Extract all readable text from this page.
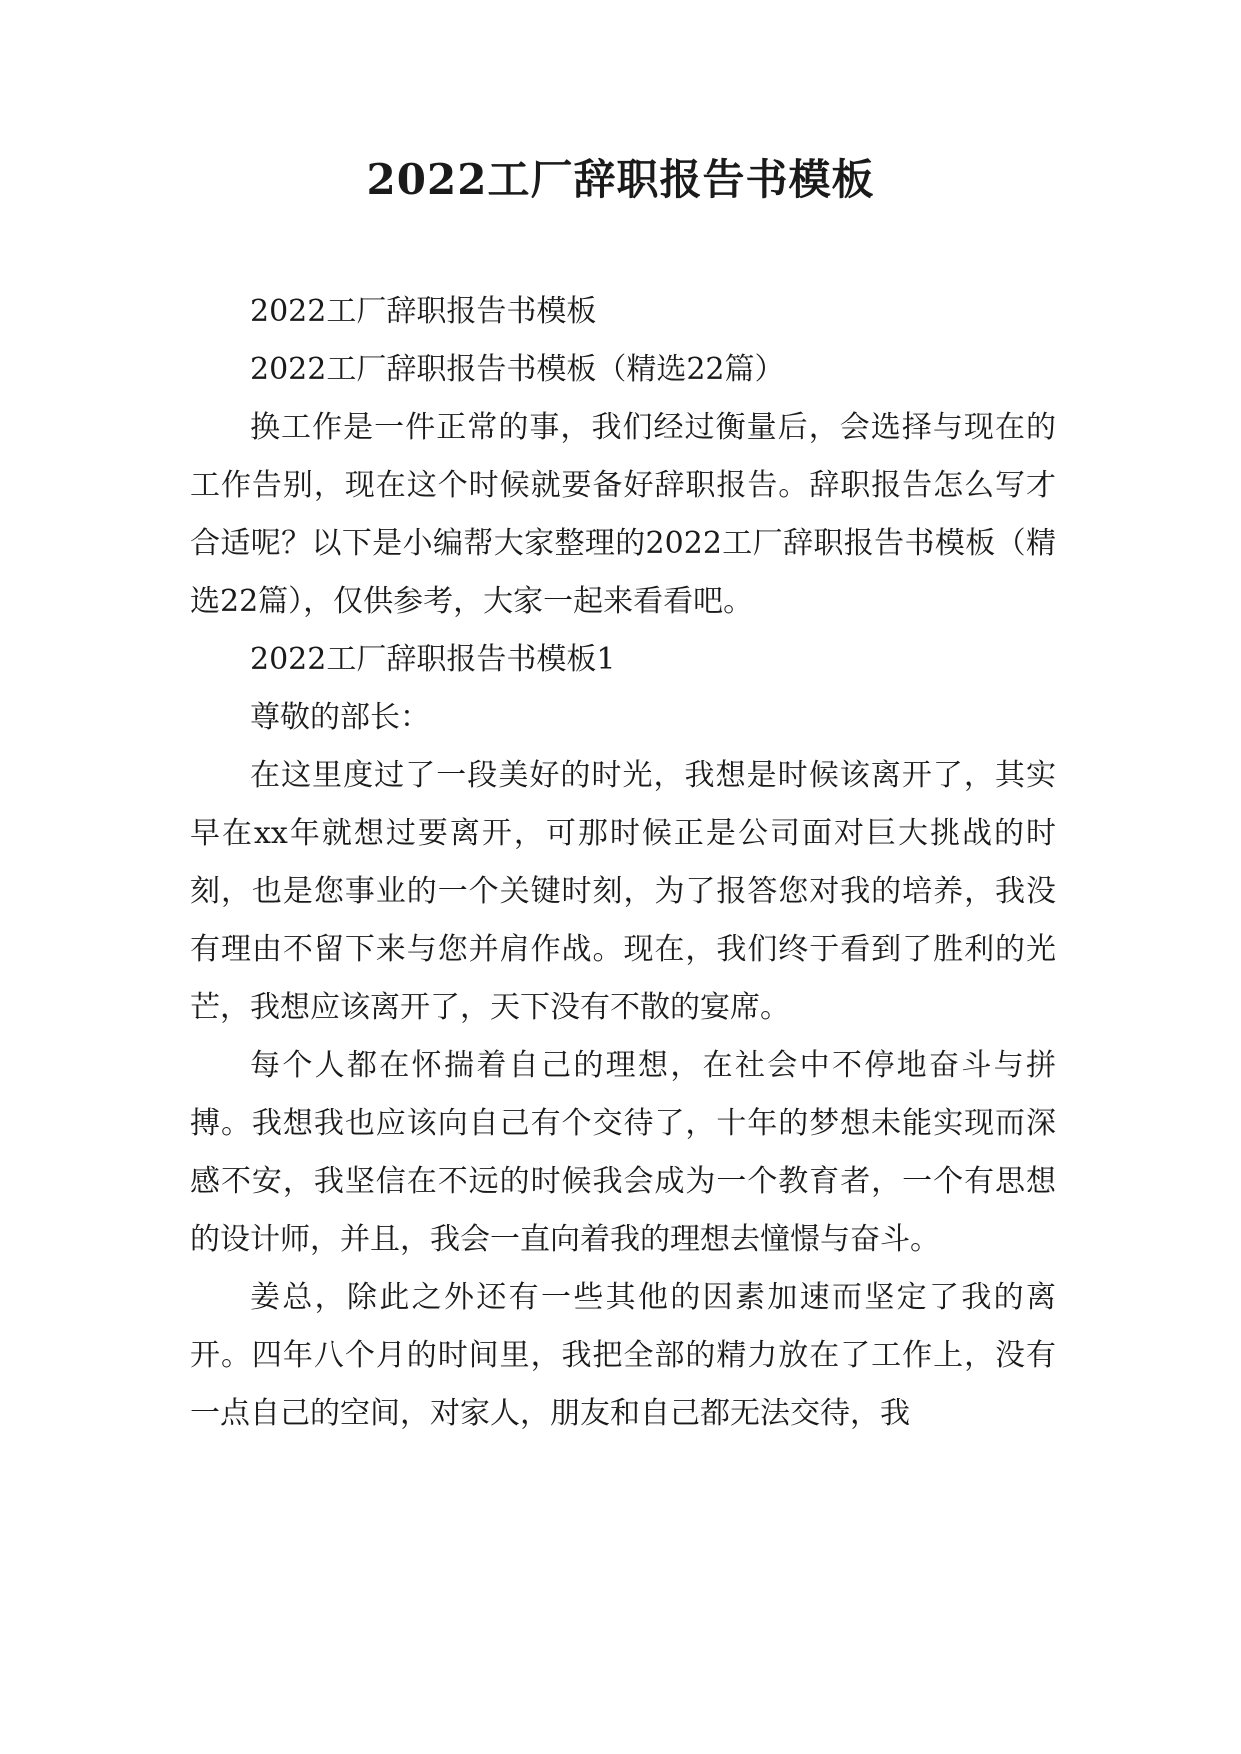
2022工厂辞职报告书模板

2022工厂辞职报告书模板

2022工厂辞职报告书模板（精选22篇）

换工作是一件正常的事，我们经过衡量后，会选择与现在的工作告别，现在这个时候就要备好辞职报告。辞职报告怎么写才合适呢？以下是小编帮大家整理的2022工厂辞职报告书模板（精选22篇），仅供参考，大家一起来看看吧。

2022工厂辞职报告书模板1

尊敬的部长：

在这里度过了一段美好的时光，我想是时候该离开了，其实早在xx年就想过要离开，可那时候正是公司面对巨大挑战的时刻，也是您事业的一个关键时刻，为了报答您对我的培养，我没有理由不留下来与您并肩作战。现在，我们终于看到了胜利的光芒，我想应该离开了，天下没有不散的宴席。

每个人都在怀揣着自己的理想，在社会中不停地奋斗与拼搏。我想我也应该向自己有个交待了，十年的梦想未能实现而深感不安，我坚信在不远的时候我会成为一个教育者，一个有思想的设计师，并且，我会一直向着我的理想去憧憬与奋斗。

姜总，除此之外还有一些其他的因素加速而坚定了我的离开。四年八个月的时间里，我把全部的精力放在了工作上，没有一点自己的空间，对家人，朋友和自己都无法交待，我
